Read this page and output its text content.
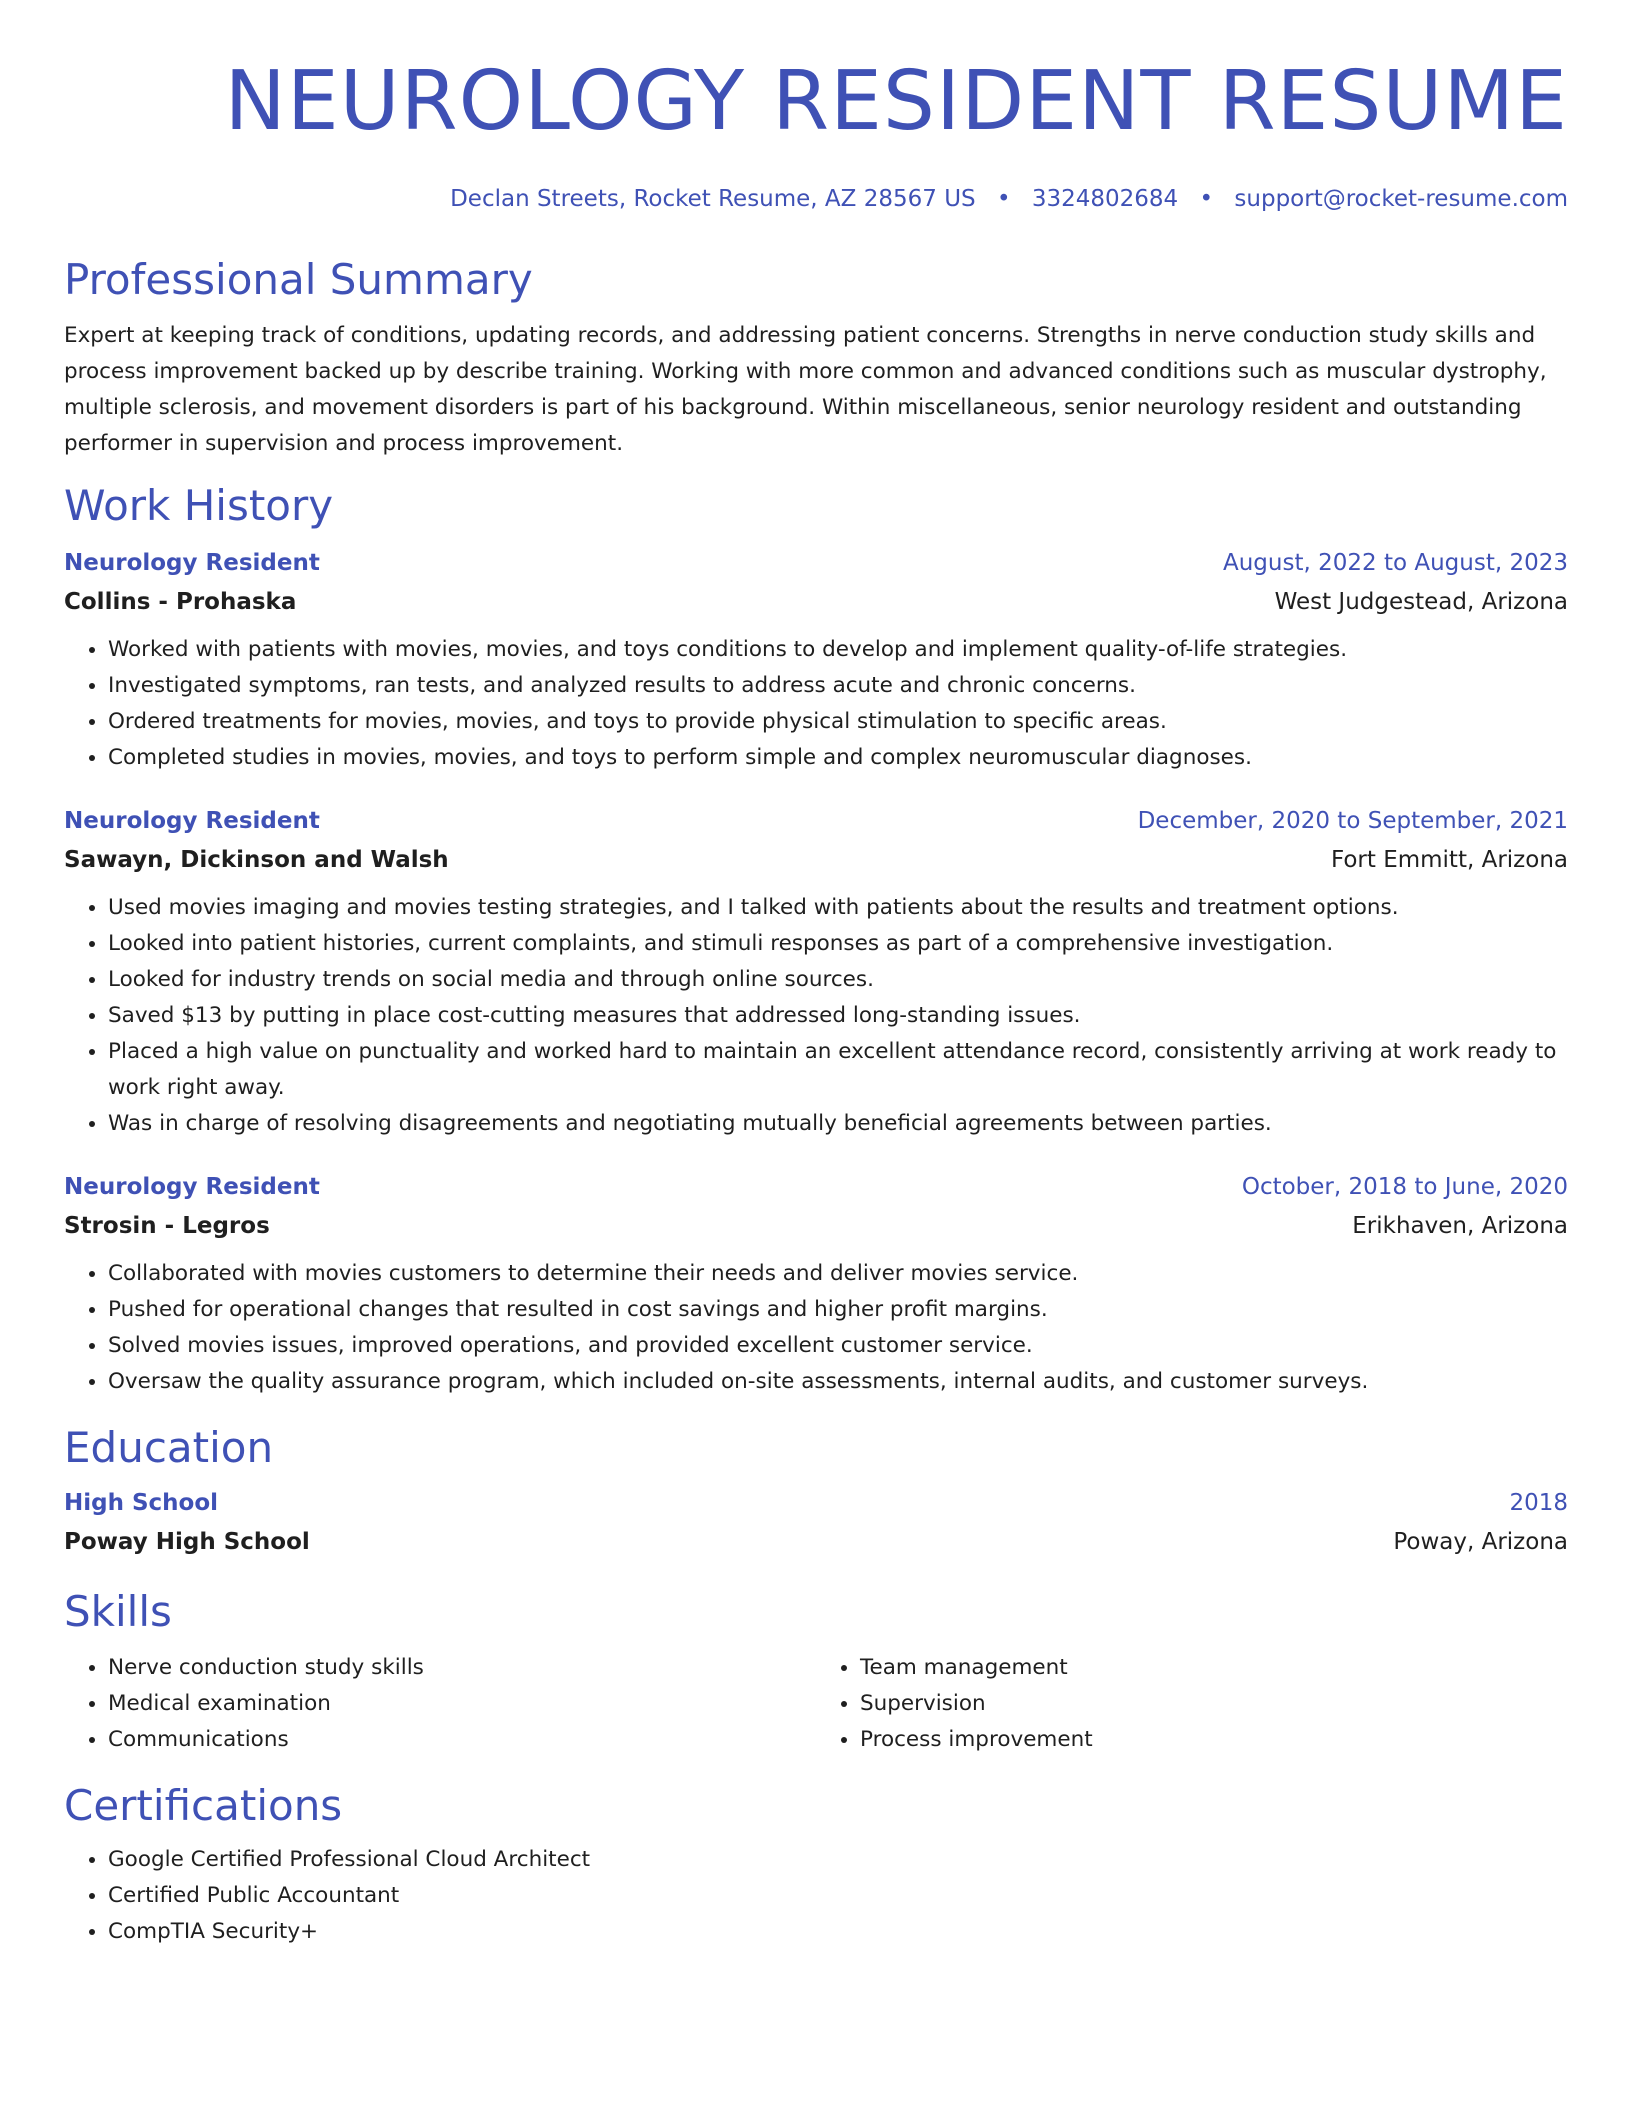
NEUROLOGY RESIDENT RESUME
Declan Streets, Rocket Resume, AZ 28567 US • 3324802684 • support@rocket-resume.com
Professional Summary

Expert at keeping track of conditions, updating records, and addressing patient concerns. Strengths in nerve conduction study skills and process improvement backed up by describe training. Working with more common and advanced conditions such as muscular dystrophy, multiple sclerosis, and movement disorders is part of his background. Within miscellaneous, senior neurology resident and outstanding performer in supervision and process improvement.

Work History
Neurology Resident	August, 2022 to August, 2023
Collins - Prohaska	West Judgestead, Arizona
• Worked with patients with movies, movies, and toys conditions to develop and implement quality-of-life strategies.
• Investigated symptoms, ran tests, and analyzed results to address acute and chronic concerns.
• Ordered treatments for movies, movies, and toys to provide physical stimulation to specific areas.
• Completed studies in movies, movies, and toys to perform simple and complex neuromuscular diagnoses.
Neurology Resident	December, 2020 to September, 2021
Sawayn, Dickinson and Walsh	Fort Emmitt, Arizona
• Used movies imaging and movies testing strategies, and I talked with patients about the results and treatment options.
• Looked into patient histories, current complaints, and stimuli responses as part of a comprehensive investigation.
• Looked for industry trends on social media and through online sources.
• Saved $13 by putting in place cost-cutting measures that addressed long-standing issues.
• Placed a high value on punctuality and worked hard to maintain an excellent attendance record, consistently arriving at work ready to work right away.
• Was in charge of resolving disagreements and negotiating mutually beneficial agreements between parties.
Neurology Resident	October, 2018 to June, 2020
Strosin - Legros	Erikhaven, Arizona
• Collaborated with movies customers to determine their needs and deliver movies service.
• Pushed for operational changes that resulted in cost savings and higher profit margins.
• Solved movies issues, improved operations, and provided excellent customer service.
• Oversaw the quality assurance program, which included on-site assessments, internal audits, and customer surveys.
Education
High School	2018
Poway High School	Poway, Arizona
Skills
• Nerve conduction study skills
• Medical examination
• Communications
• Team management
• Supervision
• Process improvement
Certifications
• Google Certified Professional Cloud Architect
• Certified Public Accountant
• CompTIA Security+
